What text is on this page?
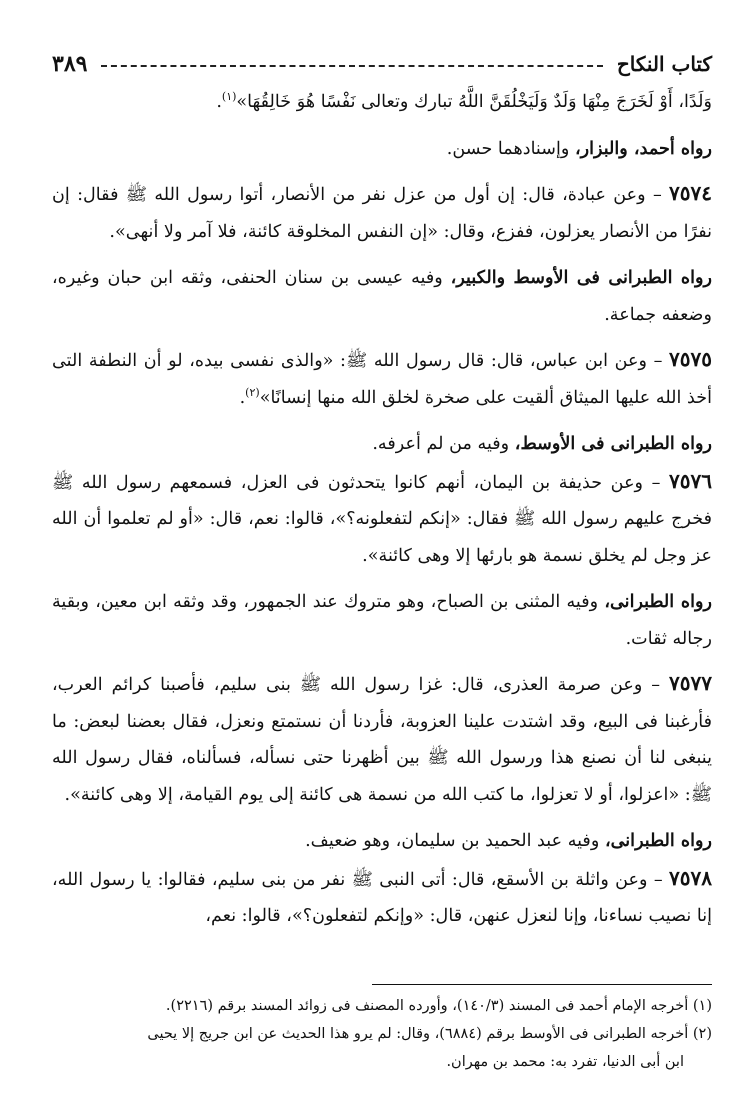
كتاب النكاح
٣٨٩

وَلَدًا، أَوْ لَخَرَجَ مِنْهَا وَلَدٌ وَلَيَخْلُقَنَّ اللَّهُ تبارك وتعالى نَفْسًا هُوَ خَالِقُهَا»$^{(١)}$.

رواه أحمد، والبزار، وإسنادهما حسن.

٧٥٧٤ – وعن عبادة، قال: إن أول من عزل نفر من الأنصار، أتوا رسول الله ﷺ فقال: إن نفرًا من الأنصار يعزلون، ففزع، وقال: «إن النفس المخلوقة كائنة، فلا آمر ولا أنهى».

رواه الطبرانى فى الأوسط والكبير، وفيه عيسى بن سنان الحنفى، وثقه ابن حبان وغيره، وضعفه جماعة.

٧٥٧٥ – وعن ابن عباس، قال: قال رسول الله ﷺ: «والذى نفسى بيده، لو أن النطفة التى أخذ الله عليها الميثاق ألقيت على صخرة لخلق الله منها إنسانًا»$^{(٢)}$.

رواه الطبرانى فى الأوسط، وفيه من لم أعرفه.

٧٥٧٦ – وعن حذيفة بن اليمان، أنهم كانوا يتحدثون فى العزل، فسمعهم رسول الله ﷺ فخرج عليهم رسول الله ﷺ فقال: «إنكم لتفعلونه؟»، قالوا: نعم، قال: «أو لم تعلموا أن الله عز وجل لم يخلق نسمة هو بارئها إلا وهى كائنة».

رواه الطبرانى، وفيه المثنى بن الصباح، وهو متروك عند الجمهور، وقد وثقه ابن معين، وبقية رجاله ثقات.

٧٥٧٧ – وعن صرمة العذرى، قال: غزا رسول الله ﷺ بنى سليم، فأصبنا كرائم العرب، فأرغبنا فى البيع، وقد اشتدت علينا العزوبة، فأردنا أن نستمتع ونعزل، فقال بعضنا لبعض: ما ينبغى لنا أن نصنع هذا ورسول الله ﷺ بين أظهرنا حتى نسأله، فسألناه، فقال رسول الله ﷺ: «اعزلوا، أو لا تعزلوا، ما كتب الله من نسمة هى كائنة إلى يوم القيامة، إلا وهى كائنة».

رواه الطبرانى، وفيه عبد الحميد بن سليمان، وهو ضعيف.

٧٥٧٨ – وعن واثلة بن الأسقع، قال: أتى النبى ﷺ نفر من بنى سليم، فقالوا: يا رسول الله، إنا نصيب نساءنا، وإنا لنعزل عنهن، قال: «وإنكم لتفعلون؟»، قالوا: نعم،

(١) أخرجه الإمام أحمد فى المسند (١٤٠/٣)، وأورده المصنف فى زوائد المسند برقم (٢٢١٦).

(٢) أخرجه الطبرانى فى الأوسط برقم (٦٨٨٤)، وقال: لم يرو هذا الحديث عن ابن جريج إلا يحيى

ابن أبى الدنيا، تفرد به: محمد بن مهران.
